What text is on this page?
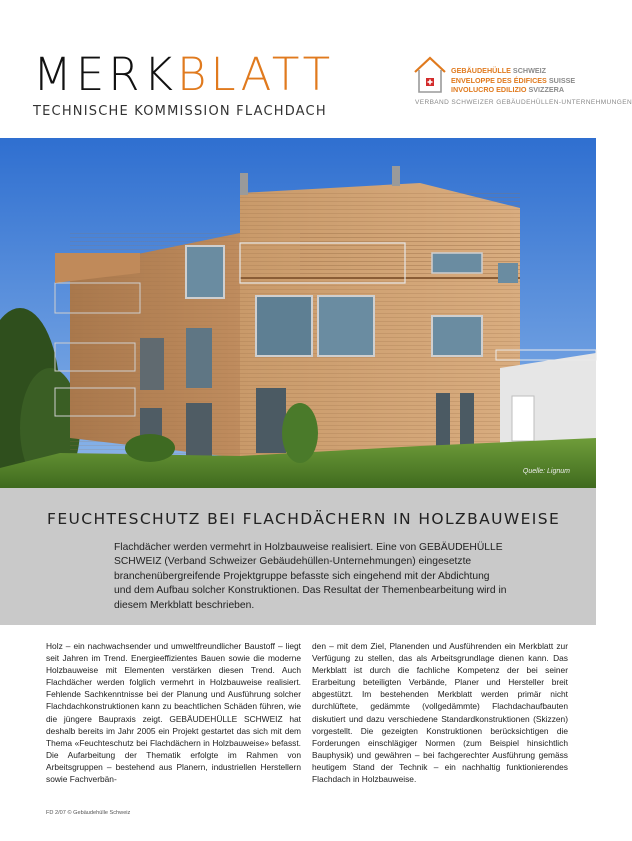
MERKBLATT
TECHNISCHE KOMMISSION FLACHDACH
GEBÄUDEHÜLLE SCHWEIZ
ENVELOPPE DES ÉDIFICES SUISSE
INVOLUCRO EDILIZIO SVIZZERA
VERBAND SCHWEIZER GEBÄUDEHÜLLEN-UNTERNEHMUNGEN
Quelle: Lignum
FEUCHTESCHUTZ BEI FLACHDÄCHERN IN HOLZBAUWEISE
Flachdächer werden vermehrt in Holzbauweise realisiert. Eine von GEBÄUDEHÜLLE SCHWEIZ (Verband Schweizer Gebäudehüllen-Unternehmungen) eingesetzte branchenübergreifende Projektgruppe befasste sich eingehend mit der Abdichtung und dem Aufbau solcher Konstruktionen. Das Resultat der Themenbearbeitung wird in diesem Merkblatt beschrieben.
Holz – ein nachwachsender und umweltfreundlicher Baustoff – liegt seit Jahren im Trend. Energieeffizientes Bauen sowie die moderne Holzbauweise mit Elementen verstärken diesen Trend. Auch Flachdächer werden folglich vermehrt in Holzbauweise realisiert. Fehlende Sachkenntnisse bei der Planung und Ausführung solcher Flachdachkonstruktionen kann zu beachtlichen Schäden führen, wie die jüngere Baupraxis zeigt. GEBÄUDEHÜLLE SCHWEIZ hat deshalb bereits im Jahr 2005 ein Projekt gestartet das sich mit dem Thema «Feuchteschutz bei Flachdächern in Holzbauweise» befasst. Die Aufarbeitung der Thematik erfolgte im Rahmen von Arbeitsgruppen – bestehend aus Planern, industriellen Herstellern sowie Fachverbän-
den – mit dem Ziel, Planenden und Ausführenden ein Merkblatt zur Verfügung zu stellen, das als Arbeitsgrundlage dienen kann. Das Merkblatt ist durch die fachliche Kompetenz der bei seiner Erarbeitung beteiligten Verbände, Planer und Hersteller breit abgestützt. Im bestehenden Merkblatt werden primär nicht durchlüftete, gedämmte (vollgedämmte) Flachdachaufbauten diskutiert und dazu verschiedene Standardkonstruktionen (Skizzen) vorgestellt. Die gezeigten Konstruktionen berücksichtigen die Forderungen einschlägiger Normen (zum Beispiel hinsichtlich Bauphysik) und gewähren – bei fachgerechter Ausführung gemäss heutigem Stand der Technik – ein nachhaltig funktionierendes Flachdach in Holzbauweise.
FD 2/07 © Gebäudehülle Schweiz
